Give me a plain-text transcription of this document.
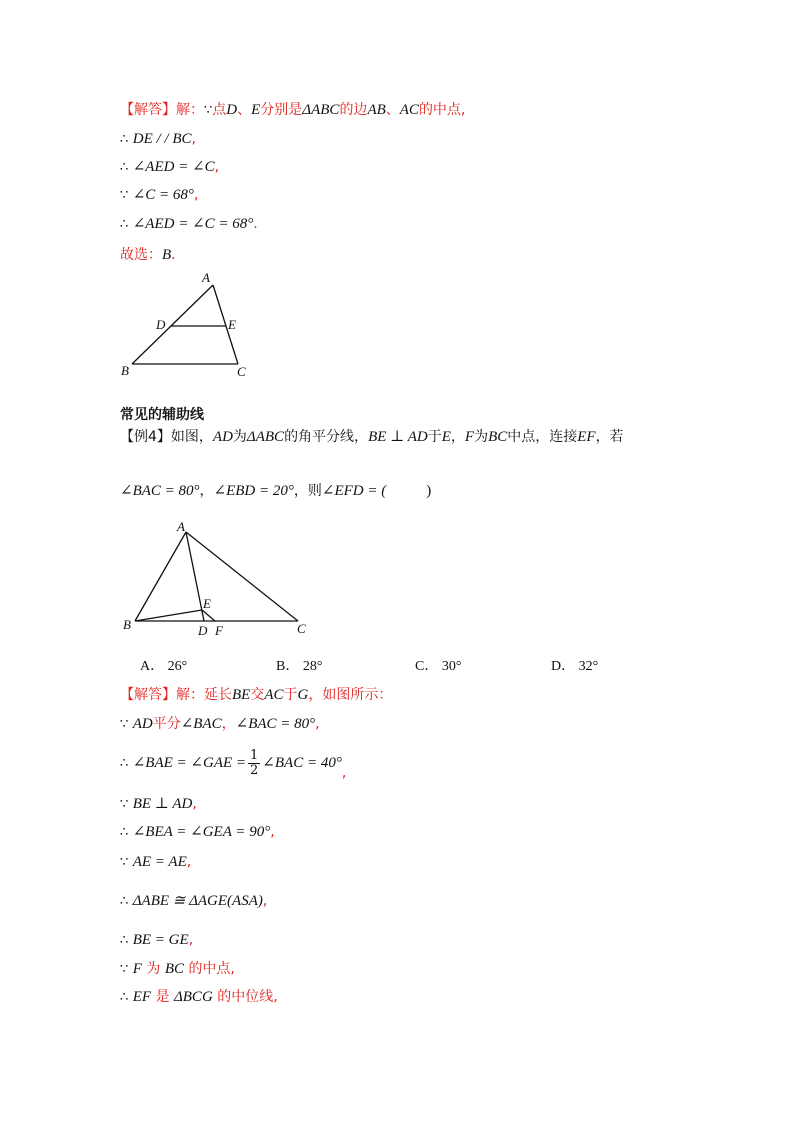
【解答】解：∵点D、E分别是ΔABC的边AB、AC的中点,
∴ DE / / BC,
∴ ∠AED = ∠C,
∵ ∠C = 68°,
∴ ∠AED = ∠C = 68°.
故选：B.
A
D	E
B	C
常见的辅助线
【例4】如图，AD为ΔABC的角平分线，BE ⊥ AD于E，F为BC中点，连接EF，若
∠BAC = 80°，∠EBD = 20°，则∠EFD = (	)
A
E
B	D F	C
A． 26°	B． 28°	C． 30°	D． 32°
【解答】解：延长BE交AC于G，如图所示：
∵ AD平分∠BAC，∠BAC = 80°,
∴ ∠BAE = ∠GAE = $\frac{1}{2}$ ∠BAC = 40°,
∵ BE ⊥ AD,
∴ ∠BEA = ∠GEA = 90°,
∵ AE = AE,
∴ ΔABE ≅ ΔAGE(ASA),
∴ BE = GE,
∵ F 为 BC 的中点,
∴ EF 是 ΔBCG 的中位线,
